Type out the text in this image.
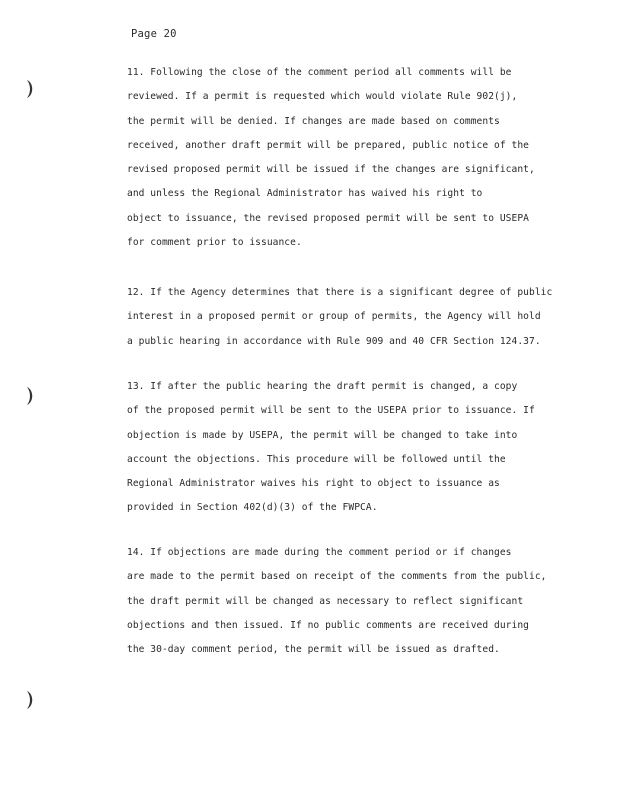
Page 20

11. Following the close of the comment period all comments will be
reviewed. If a permit is requested which would violate Rule 902(j),
the permit will be denied. If changes are made based on comments
received, another draft permit will be prepared, public notice of the
revised proposed permit will be issued if the changes are significant,
and unless the Regional Administrator has waived his right to
object to issuance, the revised proposed permit will be sent to USEPA
for comment prior to issuance.

12. If the Agency determines that there is a significant degree of public
interest in a proposed permit or group of permits, the Agency will hold
a public hearing in accordance with Rule 909 and 40 CFR Section 124.37.

13. If after the public hearing the draft permit is changed, a copy
of the proposed permit will be sent to the USEPA prior to issuance. If
objection is made by USEPA, the permit will be changed to take into
account the objections. This procedure will be followed until the
Regional Administrator waives his right to object to issuance as
provided in Section 402(d)(3) of the FWPCA.

14. If objections are made during the comment period or if changes
are made to the permit based on receipt of the comments from the public,
the draft permit will be changed as necessary to reflect significant
objections and then issued. If no public comments are received during
the 30-day comment period, the permit will be issued as drafted.
